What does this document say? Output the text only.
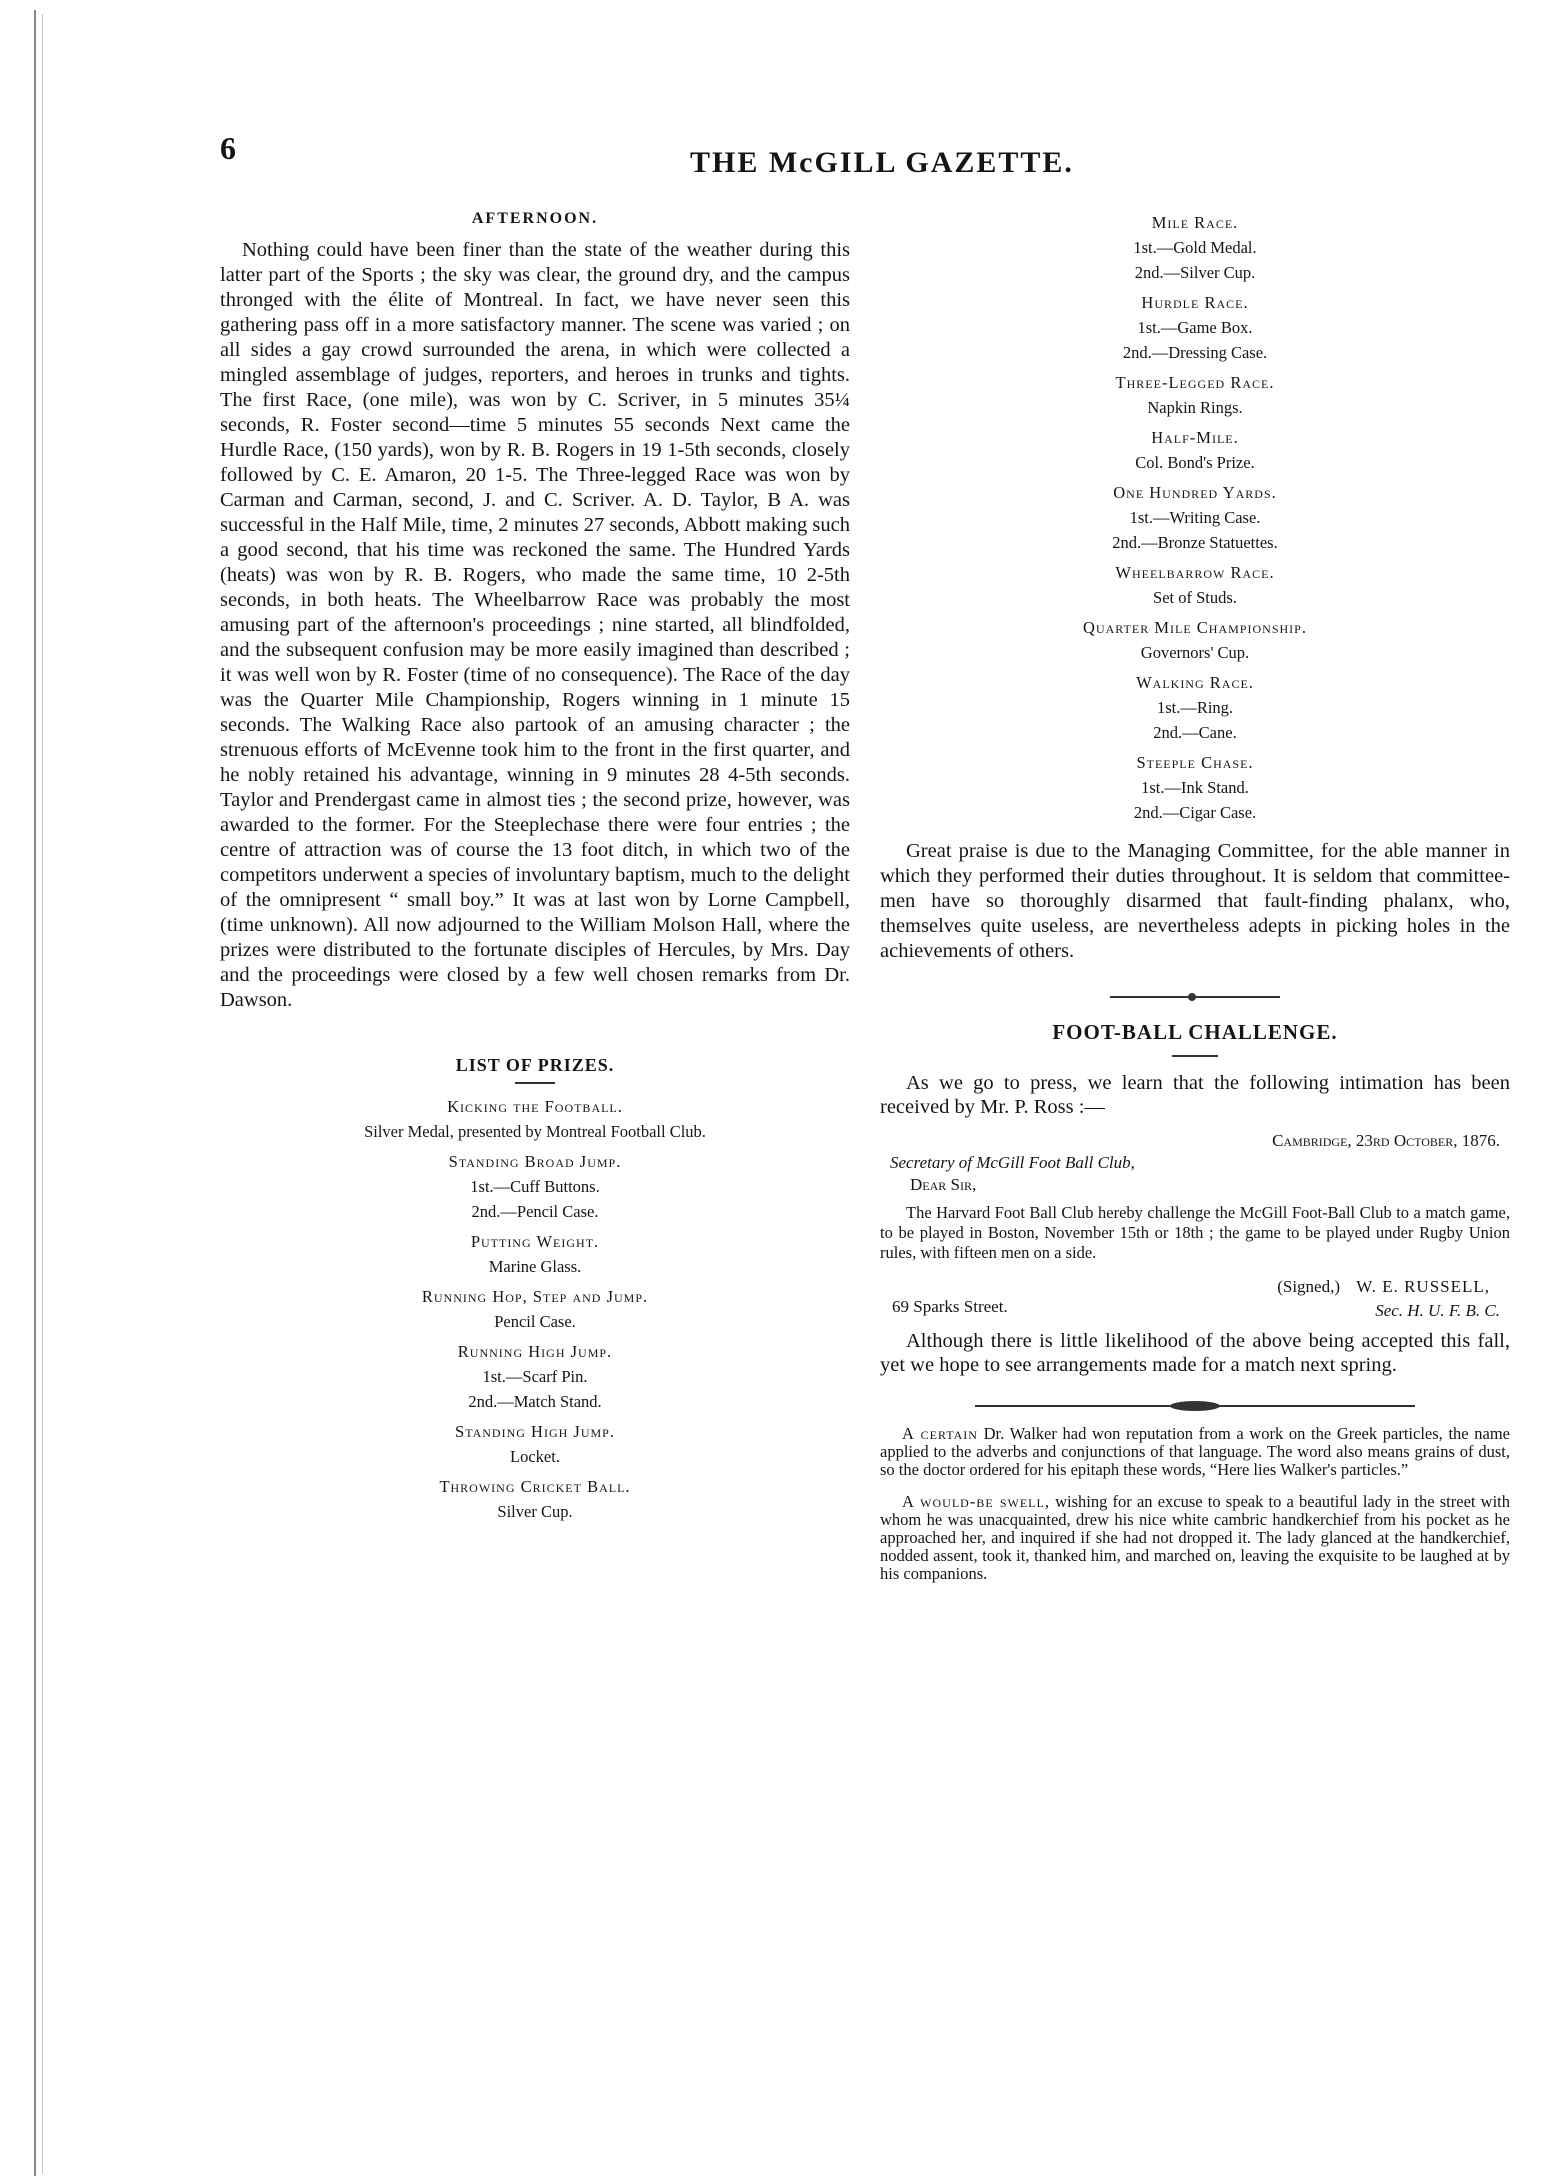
6	THE McGILL GAZETTE.
AFTERNOON.

Nothing could have been finer than the state of the weather during this latter part of the Sports ; the sky was clear, the ground dry, and the campus thronged with the élite of Montreal. In fact, we have never seen this gathering pass off in a more satisfactory manner. The scene was varied ; on all sides a gay crowd surrounded the arena, in which were collected a mingled assemblage of judges, reporters, and heroes in trunks and tights. The first Race, (one mile), was won by C. Scriver, in 5 minutes 35¼ seconds, R. Foster second—time 5 minutes 55 seconds Next came the Hurdle Race, (150 yards), won by R. B. Rogers in 19 1-5th seconds, closely followed by C. E. Amaron, 20 1-5. The Three-legged Race was won by Carman and Carman, second, J. and C. Scriver. A. D. Taylor, B A. was successful in the Half Mile, time, 2 minutes 27 seconds, Abbott making such a good second, that his time was reckoned the same. The Hundred Yards (heats) was won by R. B. Rogers, who made the same time, 10 2-5th seconds, in both heats. The Wheelbarrow Race was probably the most amusing part of the afternoon's proceedings ; nine started, all blindfolded, and the subsequent confusion may be more easily imagined than described ; it was well won by R. Foster (time of no consequence). The Race of the day was the Quarter Mile Championship, Rogers winning in 1 minute 15 seconds. The Walking Race also partook of an amusing character ; the strenuous efforts of McEvenne took him to the front in the first quarter, and he nobly retained his advantage, winning in 9 minutes 28 4-5th seconds. Taylor and Prendergast came in almost ties ; the second prize, however, was awarded to the former. For the Steeplechase there were four entries ; the centre of attraction was of course the 13 foot ditch, in which two of the competitors underwent a species of involuntary baptism, much to the delight of the omnipresent “ small boy.” It was at last won by Lorne Campbell, (time unknown). All now adjourned to the William Molson Hall, where the prizes were distributed to the fortunate disciples of Hercules, by Mrs. Day and the proceedings were closed by a few well chosen remarks from Dr. Dawson.

LIST OF PRIZES.
Kicking the Football.
Silver Medal, presented by Montreal Football Club.
Standing Broad Jump.
1st.—Cuff Buttons.
2nd.—Pencil Case.
Putting Weight.
Marine Glass.
Running Hop, Step and Jump.
Pencil Case.
Running High Jump.
1st.—Scarf Pin.
2nd.—Match Stand.
Standing High Jump.
Locket.
Throwing Cricket Ball.
Silver Cup.
Mile Race.
1st.—Gold Medal.
2nd.—Silver Cup.
Hurdle Race.
1st.—Game Box.
2nd.—Dressing Case.
Three-Legged Race.
Napkin Rings.
Half-Mile.
Col. Bond's Prize.
One Hundred Yards.
1st.—Writing Case.
2nd.—Bronze Statuettes.
Wheelbarrow Race.
Set of Studs.
Quarter Mile Championship.
Governors' Cup.
Walking Race.
1st.—Ring.
2nd.—Cane.
Steeple Chase.
1st.—Ink Stand.
2nd.—Cigar Case.

Great praise is due to the Managing Committee, for the able manner in which they performed their duties throughout. It is seldom that committee-men have so thoroughly disarmed that fault-finding phalanx, who, themselves quite useless, are nevertheless adepts in picking holes in the achievements of others.

FOOT-BALL CHALLENGE.

As we go to press, we learn that the following intimation has been received by Mr. P. Ross :—

Cambridge, 23rd October, 1876.
Secretary of McGill Foot Ball Club,
Dear Sir,

The Harvard Foot Ball Club hereby challenge the McGill Foot-Ball Club to a match game, to be played in Boston, November 15th or 18th ; the game to be played under Rugby Union rules, with fifteen men on a side.

(Signed,) W. E. RUSSELL,
69 Sparks Street.	Sec. H. U. F. B. C.

Although there is little likelihood of the above being accepted this fall, yet we hope to see arrangements made for a match next spring.

A certain Dr. Walker had won reputation from a work on the Greek particles, the name applied to the adverbs and conjunctions of that language. The word also means grains of dust, so the doctor ordered for his epitaph these words, “Here lies Walker's particles.”

A would-be swell, wishing for an excuse to speak to a beautiful lady in the street with whom he was unacquainted, drew his nice white cambric handkerchief from his pocket as he approached her, and inquired if she had not dropped it. The lady glanced at the handkerchief, nodded assent, took it, thanked him, and marched on, leaving the exquisite to be laughed at by his companions.
